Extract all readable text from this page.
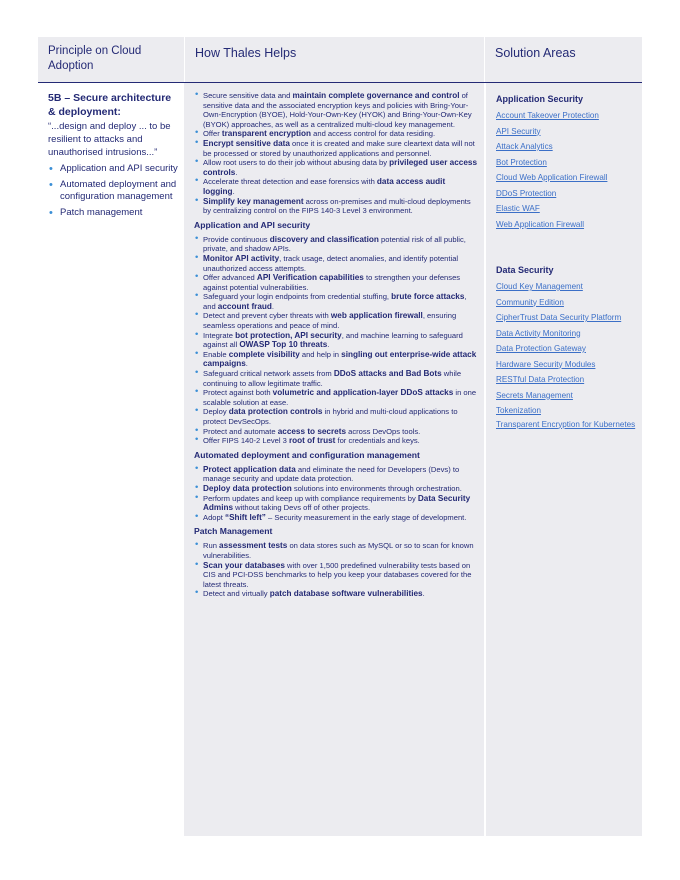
Principle on Cloud Adoption
How Thales Helps	Solution Areas
5B – Secure architecture & deployment:
“...design and deploy ... to be resilient to attacks and unauthorised intrusions...”
• Application and API security
• Automated deployment and configuration management
• Patch management
• Secure sensitive data and maintain complete governance and control of sensitive data and the associated encryption keys and policies with Bring-Your-Own-Encryption (BYOE), Hold-Your-Own-Key (HYOK) and Bring-Your-Own-Key (BYOK) approaches, as well as a centralized multi-cloud key management.
• Offer transparent encryption and access control for data residing.
• Encrypt sensitive data once it is created and make sure cleartext data will not be processed or stored by unauthorized applications and personnel.
• Allow root users to do their job without abusing data by privileged user access controls.
• Accelerate threat detection and ease forensics with data access audit logging.
• Simplify key management across on-premises and multi-cloud deployments by centralizing control on the FIPS 140-3 Level 3 environment.
Application and API security
• Provide continuous discovery and classification potential risk of all public, private, and shadow APIs.
• Monitor API activity, track usage, detect anomalies, and identify potential unauthorized access attempts.
• Offer advanced API Verification capabilities to strengthen your defenses against potential vulnerabilities.
• Safeguard your login endpoints from credential stuffing, brute force attacks, and account fraud.
• Detect and prevent cyber threats with web application firewall, ensuring seamless operations and peace of mind.
• Integrate bot protection, API security, and machine learning to safeguard against all OWASP Top 10 threats.
• Enable complete visibility and help in singling out enterprise-wide attack campaigns.
• Safeguard critical network assets from DDoS attacks and Bad Bots while continuing to allow legitimate traffic.
• Protect against both volumetric and application-layer DDoS attacks in one scalable solution at ease.
• Deploy data protection controls in hybrid and multi-cloud applications to protect DevSecOps.
• Protect and automate access to secrets across DevOps tools.
• Offer FIPS 140-2 Level 3 root of trust for credentials and keys.
Automated deployment and configuration management
• Protect application data and eliminate the need for Developers (Devs) to manage security and update data protection.
• Deploy data protection solutions into environments through orchestration.
• Perform updates and keep up with compliance requirements by Data Security Admins without taking Devs off of other projects.
• Adopt “Shift left” – Security measurement in the early stage of development.
Patch Management
• Run assessment tests on data stores such as MySQL or so to scan for known vulnerabilities.
• Scan your databases with over 1,500 predefined vulnerability tests based on CIS and PCI-DSS benchmarks to help you keep your databases covered for the latest threats.
• Detect and virtually patch database software vulnerabilities.
Application Security
Account Takeover Protection
API Security
Attack Analytics
Bot Protection
Cloud Web Application Firewall
DDoS Protection
Elastic WAF
Web Application Firewall
Data Security
Cloud Key Management
Community Edition
CipherTrust Data Security Platform
Data Activity Monitoring
Data Protection Gateway
Hardware Security Modules
RESTful Data Protection
Secrets Management
Tokenization
Transparent Encryption for Kubernetes
